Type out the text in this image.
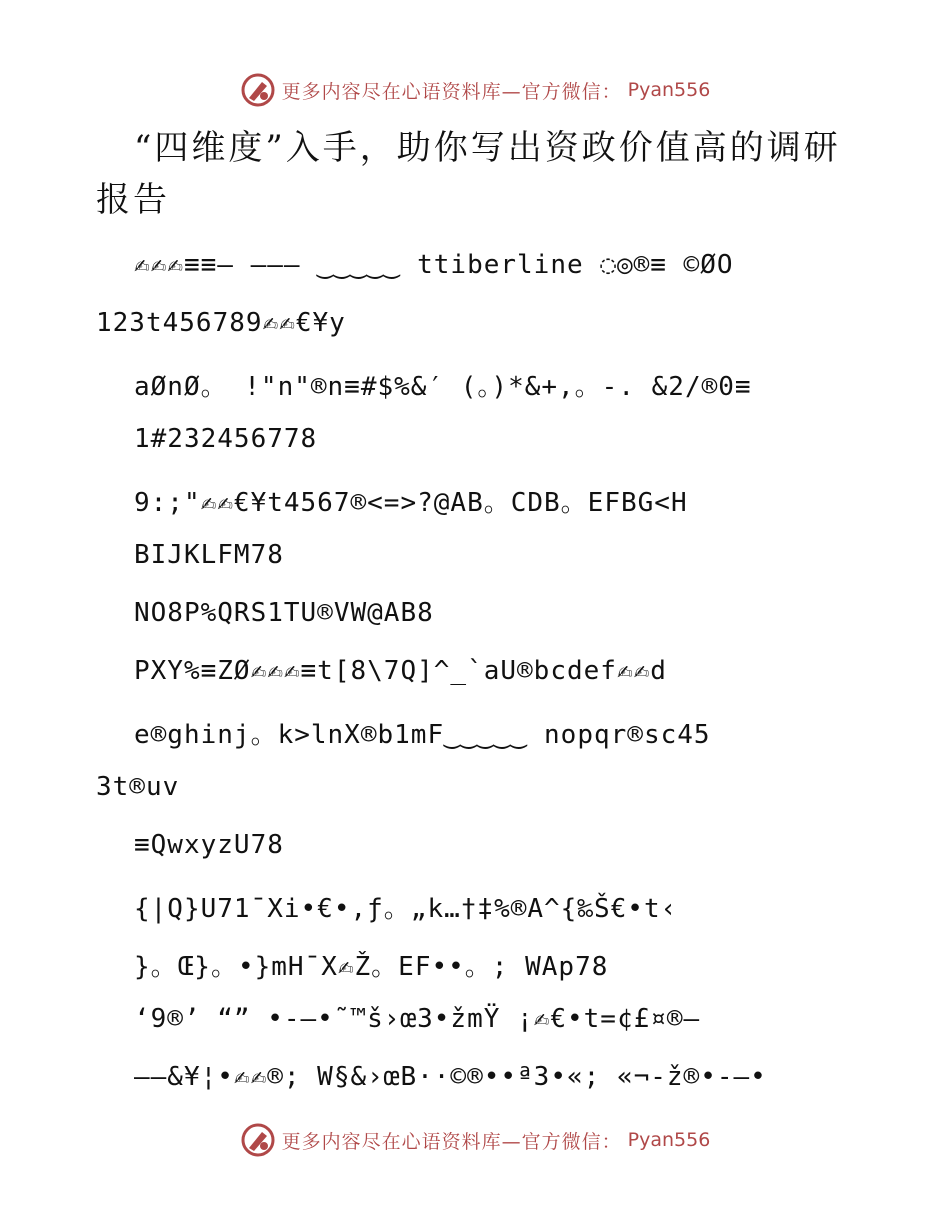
更多内容尽在心语资料库—官方微信： Pyan556
“四维度”入手，助你写出资政价值高的调研报告
✍✍✍≡≡— ——— ‿‿‿‿‿ ttiberline ◌◎®≡ ©ØO
123t456789✍✍€¥y
aØnØ。 !"n"®n≡#$%&′ (。)*&+,。-. &2/®0≡
1#232456778
9:;"✍✍€¥t4567®<=>?@AB。CDB。EFBG<H
BIJKLFM78
NO8P%QRS1TU®VW@AB8
PXY%≡ZØ✍✍✍≡t[8\7Q]^_`aU®bcdef✍✍d
e®ghinj。k>lnX®b1mF‿‿‿‿‿ nopqr®sc45
3t®uv
≡QwxyzU78
{|Q}U71¯Xi•€•,ƒ。„k…†‡%®A^{‰Š€•t‹
}。Œ}。•}mH¯X✍Ž。EF••。; WAp78
‘9®’ “” •-—•˜™š›œ3•žmŸ ¡✍€•t=¢£¤®—
——&¥¦•✍✍®; W§&›œB··©®••ª3•«; «¬-ž®•-—•
更多内容尽在心语资料库—官方微信： Pyan556
